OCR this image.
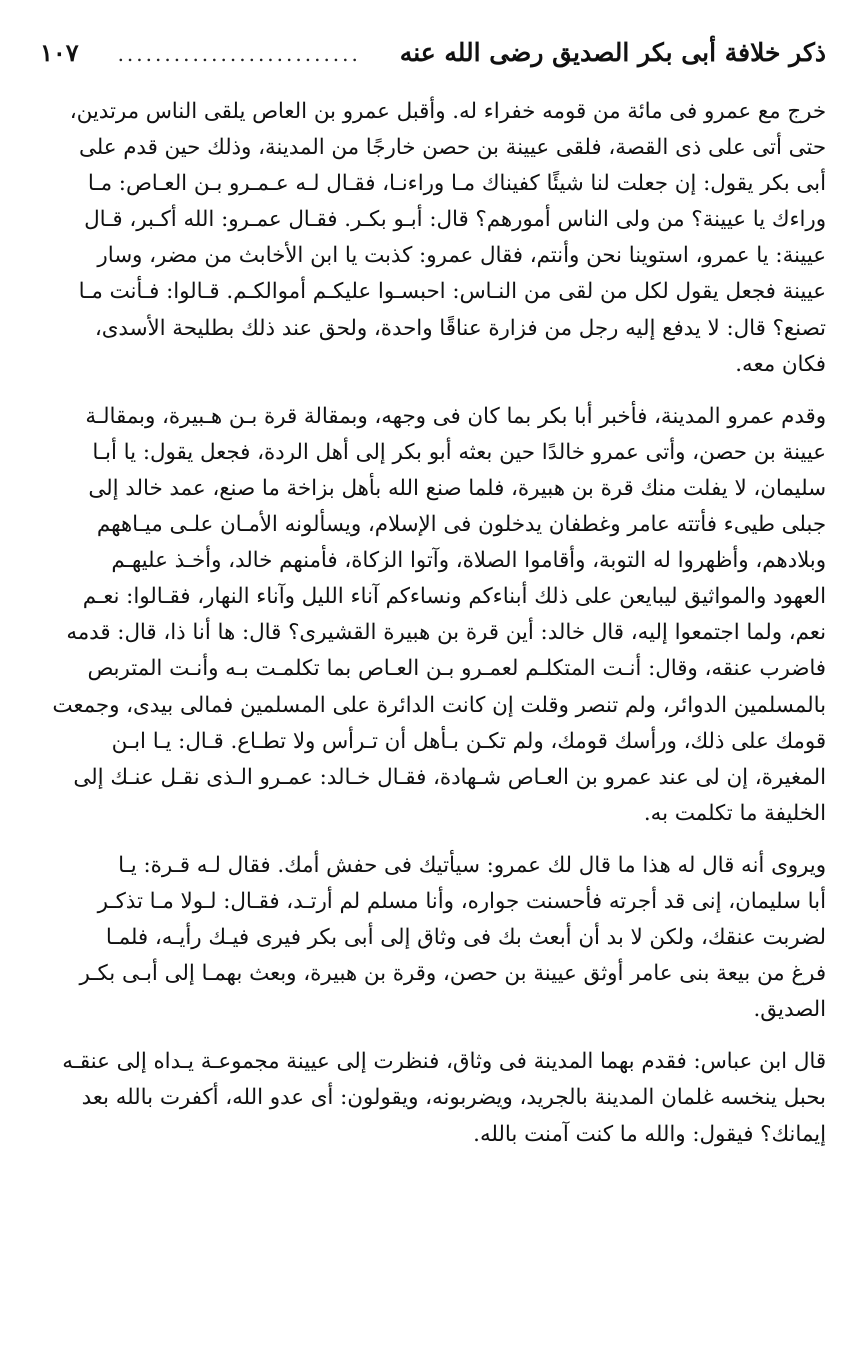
ذكر خلافة أبى بكر الصديق رضى الله عنه
..........................
١٠٧

خرج مع عمرو فى مائة من قومه خفراء له. وأقبل عمرو بن العاص يلقى الناس مرتدين،
حتى أتى على ذى القصة، فلقى عيينة بن حصن خارجًا من المدينة، وذلك حين قدم على
أبى بكر يقول: إن جعلت لنا شيئًا كفيناك مـا وراءنـا، فقـال لـه عـمـرو بـن العـاص: مـا
وراءك يا عيينة؟ من ولى الناس أمورهم؟ قال: أبـو بكـر. فقـال عمـرو: الله أكـبر، قـال
عيينة: يا عمرو، استوينا نحن وأنتم، فقال عمرو: كذبت يا ابن الأخابث من مضر، وسار
عيينة فجعل يقول لكل من لقى من النـاس: احبسـوا عليكـم أموالكـم. قـالوا: فـأنت مـا
تصنع؟ قال: لا يدفع إليه رجل من فزارة عناقًا واحدة، ولحق عند ذلك بطليحة الأسدى،
فكان معه.

وقدم عمرو المدينة، فأخبر أبا بكر بما كان فى وجهه، وبمقالة قرة بـن هـبيرة، وبمقالـة
عيينة بن حصن، وأتى عمرو خالدًا حين بعثه أبو بكر إلى أهل الردة، فجعل يقول: يا أبـا
سليمان، لا يفلت منك قرة بن هبيرة، فلما صنع الله بأهل بزاخة ما صنع، عمد خالد إلى
جبلى طيىء فأتته عامر وغطفان يدخلون فى الإسلام، ويسألونه الأمـان علـى ميـاههم
وبلادهم، وأظهروا له التوبة، وأقاموا الصلاة، وآتوا الزكاة، فأمنهم خالد، وأخـذ عليهـم
العهود والمواثيق ليبايعن على ذلك أبناءكم ونساءكم آناء الليل وآناء النهار، فقـالوا: نعـم
نعم، ولما اجتمعوا إليه، قال خالد: أين قرة بن هبيرة القشيرى؟ قال: ها أنا ذا، قال: قدمه
فاضرب عنقه، وقال: أنـت المتكلـم لعمـرو بـن العـاص بما تكلمـت بـه وأنـت المتربص
بالمسلمين الدوائر، ولم تنصر وقلت إن كانت الدائرة على المسلمين فمالى بيدى، وجمعت
قومك على ذلك، ورأسك قومك، ولم تكـن بـأهل أن تـرأس ولا تطـاع. قـال: يـا ابـن
المغيرة، إن لى عند عمرو بن العـاص شـهادة، فقـال خـالد: عمـرو الـذى نقـل عنـك إلى
الخليفة ما تكلمت به.

ويروى أنه قال له هذا ما قال لك عمرو: سيأتيك فى حفش أمك. فقال لـه قـرة: يـا
أبا سليمان، إنى قد أجرته فأحسنت جواره، وأنا مسلم لم أرتـد، فقـال: لـولا مـا تذكـر
لضربت عنقك، ولكن لا بد أن أبعث بك فى وثاق إلى أبى بكر فيرى فيـك رأيـه، فلمـا
فرغ من بيعة بنى عامر أوثق عيينة بن حصن، وقرة بن هبيرة، وبعث بهمـا إلى أبـى بكـر
الصديق.

قال ابن عباس: فقدم بهما المدينة فى وثاق، فنظرت إلى عيينة مجموعـة يـداه إلى عنقـه
بحبل ينخسه غلمان المدينة بالجريد، ويضربونه، ويقولون: أى عدو الله، أكفرت بالله بعد
إيمانك؟ فيقول: والله ما كنت آمنت بالله.
